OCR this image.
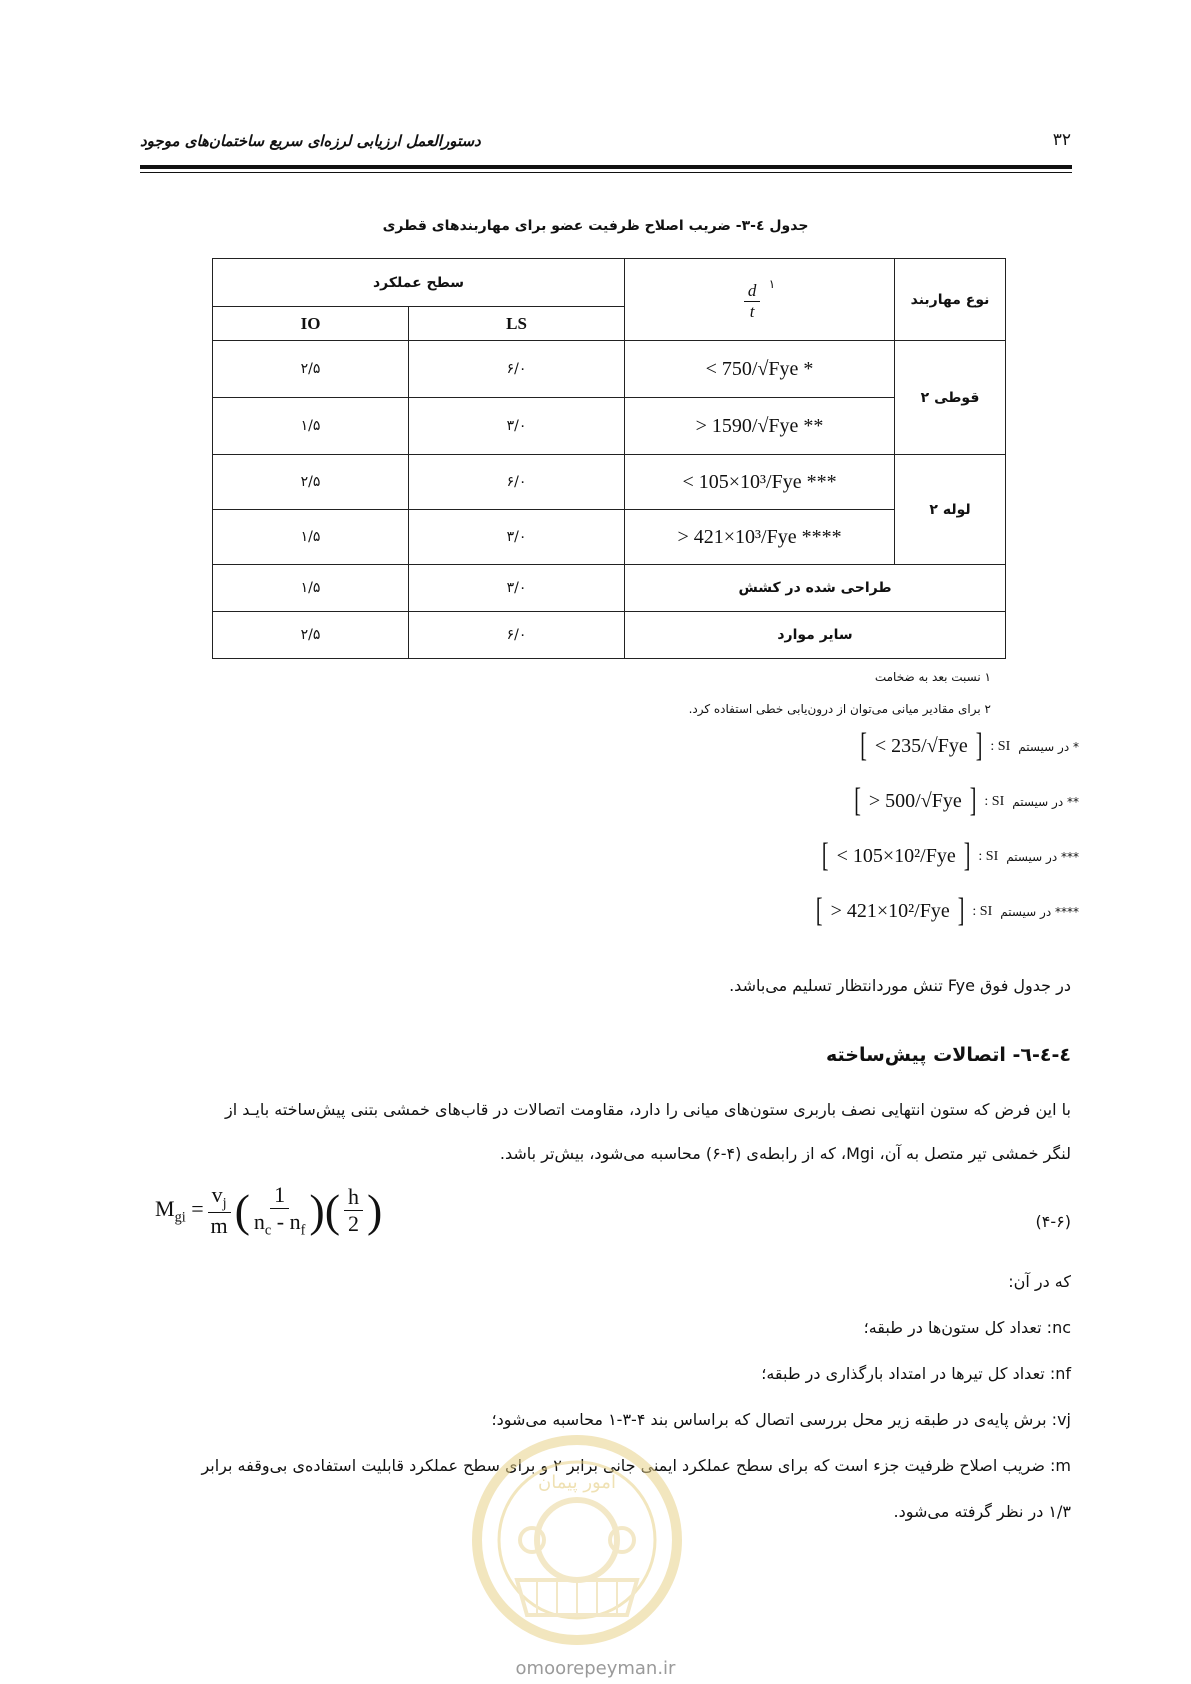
دستورالعمل ارزیابی لرزه‌ای سریع ساختمان‌های موجود	۳۲
جدول ٤-۳- ضریب اصلاح ظرفیت عضو برای مهاربندهای قطری
سطح عملکرد		$\frac{d}{t}$ ۱	نوع مهاربند
IO	LS		
۲/۵	۶/۰	< 750/√Fye *	قوطی ۲
۱/۵	۳/۰	> 1590/√Fye **	
۲/۵	۶/۰	< 105×10³/Fye ***	لوله ۲
۱/۵	۳/۰	> 421×10³/Fye ****	
۱/۵	۳/۰	طراحی شده در کشش	
۲/۵	۶/۰	سایر موارد	
۱ نسبت بعد به ضخامت
۲ برای مقادیر میانی می‌توان از درون‌یابی خطی استفاده کرد.
* در سیستم
SI :
[
< 235/√Fye
]
** در سیستم
SI :
[
> 500/√Fye
]
*** در سیستم
SI :
[
< 105×10²/Fye
]
**** در سیستم
SI :
[
> 421×10²/Fye
]
در جدول فوق Fye تنش موردانتظار تسلیم می‌باشد.
٤-٤-٦- اتصالات پیش‌ساخته
با این فرض که ستون انتهایی نصف باربری ستون‌های میانی را دارد، مقاومت اتصالات در قاب‌های خمشی بتنی پیش‌ساخته بایـد از
لنگر خمشی تیر متصل به آن، Mgi، که از رابطه‌ی (۴-۶) محاسبه می‌شود، بیش‌تر باشد.
$M_{gi} = \frac{v_j}{m}$ ( $\frac{1}{n_c - n_f}$ )( $\frac{h}{2}$ )	(۴-۶)
که در آن:
nc: تعداد کل ستون‌ها در طبقه؛
nf: تعداد کل تیرها در امتداد بارگذاری در طبقه؛
vj: برش پایه‌ی در طبقه زیر محل بررسی اتصال که براساس بند ۴-۳-۱ محاسبه می‌شود؛
m: ضریب اصلاح ظرفیت جزء است که برای سطح عملکرد ایمنی جانی برابر ۲ و برای سطح عملکرد قابلیت استفاده‌ی بی‌وقفه برابر
۱/۳ در نظر گرفته می‌شود.
امور پیمان
omoorepeyman.ir
